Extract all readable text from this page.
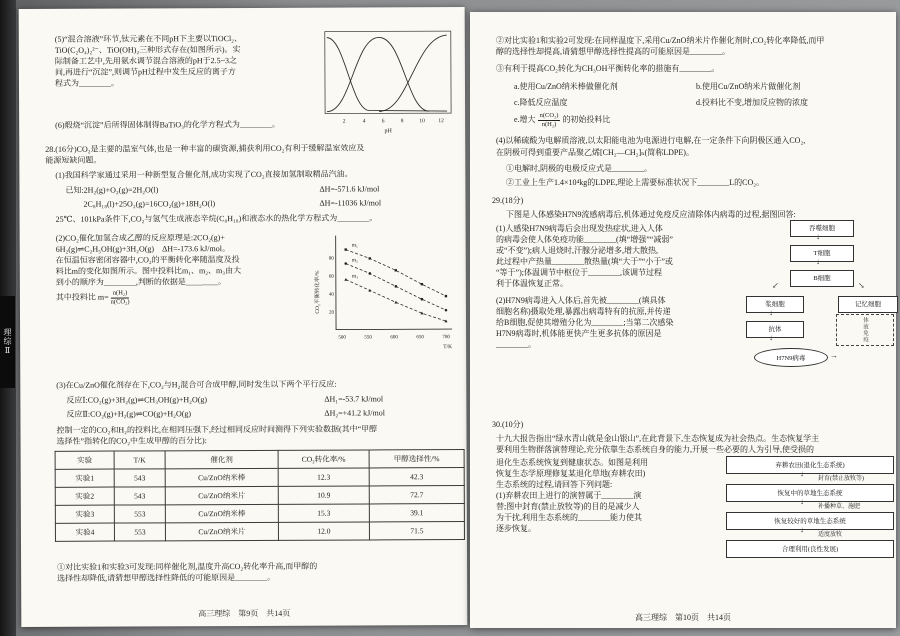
理综Ⅱ
(5)“混合溶液”环节,钛元素在不同pH下主要以TiOCl₂、
TiO(C₂O₄)₂²⁻、TiO(OH)₂三种形式存在(如图所示)。实
际制备工艺中,先用氨水调节混合溶液的pH于2.5~3之
间,再进行“沉淀”,则调节pH过程中发生反应的离子方
程式为________。
2	4	6	8	10 12
pH
(6)煅烧“沉淀”后所得固体制得BaTiO₃的化学方程式为________。
28.(16分)CO₂是主要的温室气体,也是一种丰富的碳资源,捕获利用CO₂有利于缓解温室效应及
能源短缺问题。
(1)我国科学家通过采用一种新型复合催化剂,成功实现了CO₂直接加氢制取精品汽油。
已知:2H₂(g)+O₂(g)=2H₂O(l)	ΔH=-571.6 kJ/mol
2C₈H₁₈(l)+25O₂(g)=16CO₂(g)+18H₂O(l)	ΔH=-11036 kJ/mol
25℃、101kPa条件下,CO₂与氢气生成液态辛烷(C₈H₁₈)和液态水的热化学方程式为________。
(2)CO₂催化加氢合成乙醇的反应原理是:2CO₂(g)+
6H₂(g)⇌C₂H₅OH(g)+3H₂O(g)　ΔH=-173.6 kJ/mol。
在恒温恒容密闭容器中,CO₂的平衡转化率随温度及投
料比m的变化如图所示。图中投料比m₁、m₂、m₃由大
到小的顺序为________,判断的依据是________。
其中投料比 $m= \frac{\text{n(H₂)}}{\text{n(CO₂)}}$	CO₂平衡转化率/%
80
60
40
20
500	550	600	650	700
T/K
m₁
m₂
m₃
(3)在Cu/ZnO催化剂存在下,CO₂与H₂混合可合成甲醇,同时发生以下两个平行反应:
反应Ⅰ:CO₂(g)+3H₂(g)⇌CH₃OH(g)+H₂O(g)	ΔH₁=-53.7 kJ/mol
反应Ⅱ:CO₂(g)+H₂(g)⇌CO(g)+H₂O(g)	ΔH₂=+41.2 kJ/mol
控制一定的CO₂和H₂的投料比,在相同压强下,经过相同反应时间测得下列实验数据(其中“甲醇
选择性”指转化的CO₂中生成甲醇的百分比):
实验	T/K	催化剂	CO₂转化率/%	甲醇选择性/%
实验1	543	Cu/ZnO纳米棒	12.3	42.3
实验2	543	Cu/ZnO纳米片	10.9	72.7
实验3	553	Cu/ZnO纳米棒	15.3	39.1
实验4	553	Cu/ZnO纳米片	12.0	71.5
①对比实验1和实验3可发现:同样催化剂,温度升高CO₂转化率升高,而甲醇的
选择性却降低,请猜想甲醇选择性降低的可能原因是________。
高三理综　第9页　共14页
②对比实验1和实验2可发现:在同样温度下,采用Cu/ZnO纳米片作催化剂时,CO₂转化率降低,而甲
醇的选择性却提高,请猜想甲醇选择性提高的可能原因是________。
③有利于提高CO₂转化为CH₃OH平衡转化率的措施有________。
a.使用Cu/ZnO纳米棒做催化剂	b.使用Cu/ZnO纳米片做催化剂
c.降低反应温度	d.投料比不变,增加反应物的浓度
e.增大 $\frac{\text{n(CO₂)}}{\text{n(H₂)}}$ 的初始投料比
(4)以稀硫酸为电解质溶液,以太阳能电池为电源进行电解,在一定条件下向阴极区通入CO₂,
在阴极可得到重要产品聚乙烯[CH₂—CH₂]ₙ(简称LDPE)。
①电解时,阴极的电极反应式是________。
②工业上生产1.4×10⁴kg的LDPE,理论上需要标准状况下________L的CO₂。
29.(18分)
下图是人体感染H7N9流感病毒后,机体通过免疫反应清除体内病毒的过程,据图回答:
(1)人感染H7N9病毒后会出现发热症状,进入人体
的病毒会使人体免疫功能________(填“增强”“减弱”
或“不变”);病人退烧时,汗腺分泌增多,增大散热,
此过程中产热量________散热量(填“大于”“小于”或
“等于”);体温调节中枢位于________,该调节过程
利于体温恢复正常。
(2)H7N9病毒进入人体后,首先被________(填具体
细胞名称)摄取处理,暴露出病毒特有的抗原,并传递
给B细胞,促使其增殖分化为________;当第二次感染
H7N9病毒时,机体能更快产生更多抗体的原因是
________。
吞噬细胞
↓
T细胞
↓
B细胞
↙	↘
浆细胞	记忆细胞
↓
抗体	体液免疫
↓
H7N9病毒	→
30.(10分)
十九大报告指出“绿水青山就是金山银山”,在此背景下,生态恢复成为社会热点。生态恢复学主
要利用生物群落演替理论,充分依靠生态系统自身的能力,开展一些必要的人为引导,使受损的
退化生态系统恢复到健康状态。如图是利用
恢复生态学原理修复某退化草地(弃耕农田)
生态系统的过程,请回答下列问题:
(1)弃耕农田上进行的演替属于________演
替;图中封育(禁止放牧等)的目的是减少人
为干扰,利用生态系统的________能力使其
逐步恢复。
弃耕农田(退化生态系统)
↓
封育(禁止放牧等)
恢复中的草地生态系统
↓
补播种草、施肥
恢复较好的草地生态系统
↓
适度放牧
合理利用(良性发展)
高三理综　第10页　共14页
